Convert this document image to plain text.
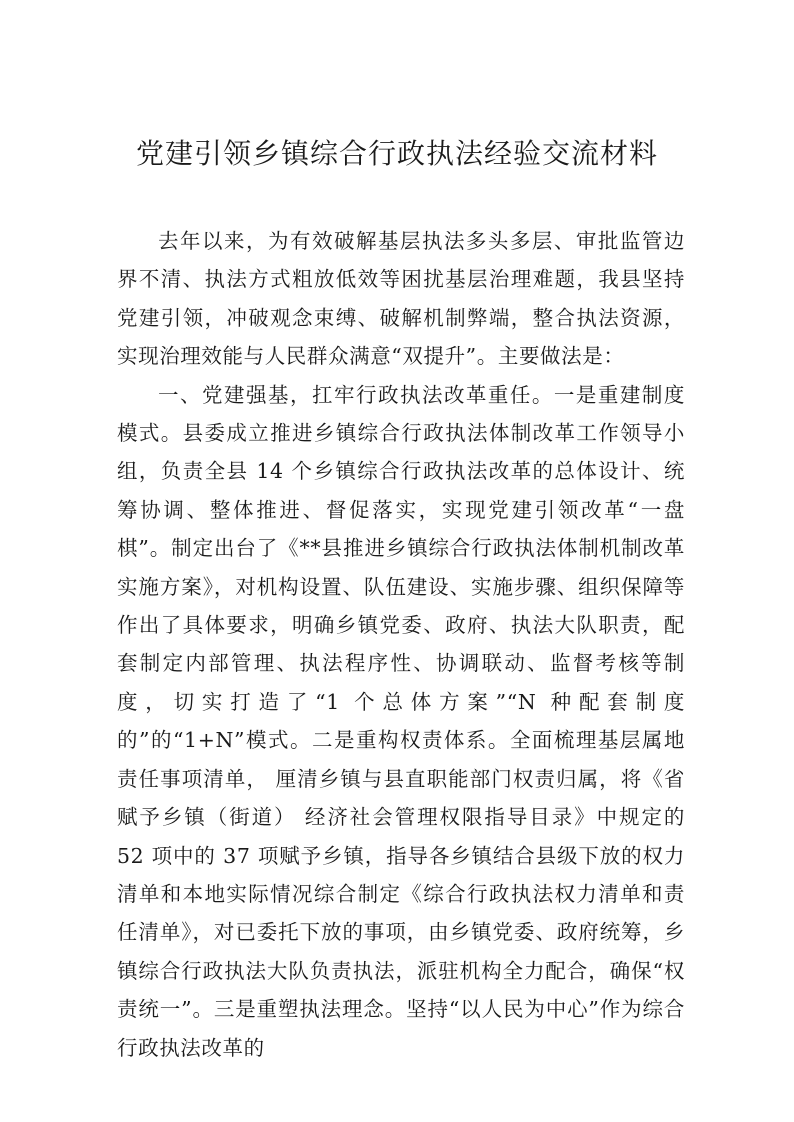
党建引领乡镇综合行政执法经验交流材料

去年以来，为有效破解基层执法多头多层、审批监管边界不清、执法方式粗放低效等困扰基层治理难题，我县坚持党建引领，冲破观念束缚、破解机制弊端，整合执法资源， 实现治理效能与人民群众满意“双提升”。主要做法是：

一、党建强基，扛牢行政执法改革重任。一是重建制度模式。县委成立推进乡镇综合行政执法体制改革工作领导小组，负责全县 14 个乡镇综合行政执法改革的总体设计、统筹协调、整体推进、督促落实，实现党建引领改革“一盘棋”。制定出台了《**县推进乡镇综合行政执法体制机制改革实施方案》，对机构设置、队伍建设、实施步骤、组织保障等作出了具体要求，明确乡镇党委、政府、执法大队职责，配套制定内部管理、执法程序性、协调联动、监督考核等制度，切实打造了“1 个总体方案”“N 种配套制度的”的“1+N”模式。二是重构权责体系。全面梳理基层属地责任事项清单， 厘清乡镇与县直职能部门权责归属，将《省赋予乡镇（街道） 经济社会管理权限指导目录》中规定的 52 项中的 37 项赋予乡镇，指导各乡镇结合县级下放的权力清单和本地实际情况综合制定《综合行政执法权力清单和责任清单》，对已委托下放的事项，由乡镇党委、政府统筹，乡镇综合行政执法大队负责执法，派驻机构全力配合，确保“权责统一”。三是重塑执法理念。坚持“以人民为中心”作为综合行政执法改革的
